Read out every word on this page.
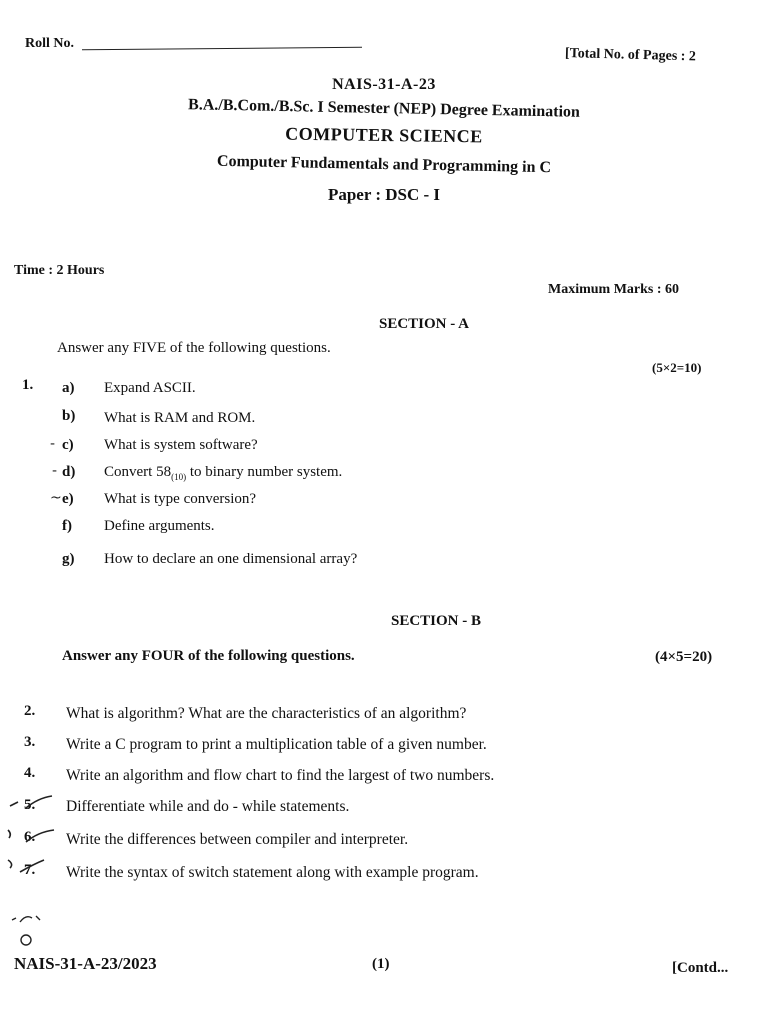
Roll No.
[Total No. of Pages : 2
NAIS-31-A-23
B.A./B.Com./B.Sc. I Semester (NEP) Degree Examination
COMPUTER SCIENCE
Computer Fundamentals and Programming in C
Paper : DSC - I
Time : 2 Hours
Maximum Marks : 60
SECTION - A
Answer any FIVE of the following questions.
(5×2=10)
1. a) Expand ASCII.
b) What is RAM and ROM.
c) What is system software?
d) Convert $58_{(10)}$ to binary number system.
e) What is type conversion?
f) Define arguments.
g) How to declare an one dimensional array?
-
-
~
SECTION - B
Answer any FOUR of the following questions.	(4×5=20)
2. What is algorithm? What are the characteristics of an algorithm?
3. Write a C program to print a multiplication table of a given number.
4. Write an algorithm and flow chart to find the largest of two numbers.
5. Differentiate while and do - while statements.
6. Write the differences between compiler and interpreter.
7. Write the syntax of switch statement along with example program.
NAIS-31-A-23/2023	(1)	[Contd...
